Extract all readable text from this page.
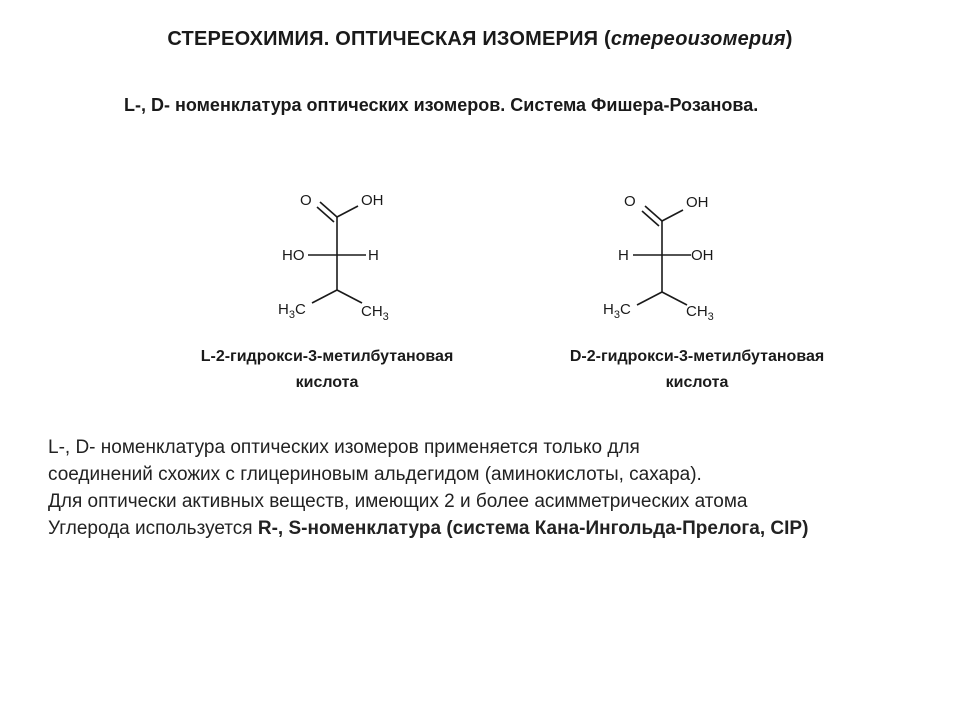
СТЕРЕОХИМИЯ. ОПТИЧЕСКАЯ ИЗОМЕРИЯ (стереоизомерия)
L-, D- номенклатура оптических изомеров. Система Фишера-Розанова.
O	OH
HO	H
$H_3C$	$CH_3$
O	OH
H	OH
$H_3C$	$CH_3$
L-2-гидрокси-3-метилбутановая
кислота
D-2-гидрокси-3-метилбутановая
кислота
L-, D- номенклатура оптических изомеров применяется только для
соединений схожих с глицериновым альдегидом (аминокислоты, сахара).
Для оптически активных веществ, имеющих 2 и более асимметрических атома
Углерода используется R-, S-номенклатура (система Кана-Ингольда-Прелога, CIP)
